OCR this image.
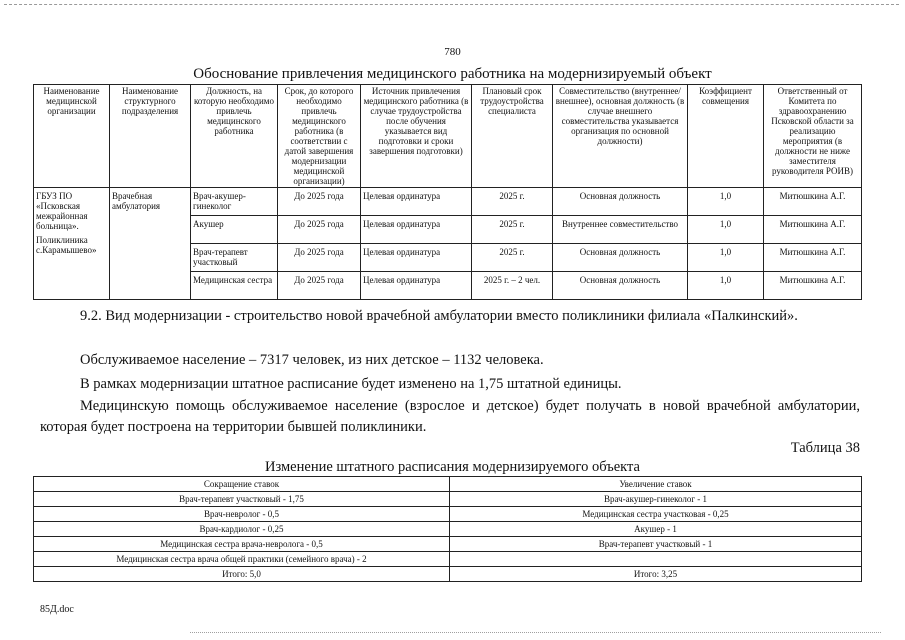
780
Обоснование привлечения медицинского работника на модернизируемый объект
Наименование медицинской организации	Наименование структурного подразделения	Должность, на которую необходимо привлечь медицинского работника	Срок, до которого необходимо привлечь медицинского работника (в соответствии с датой завершения модернизации медицинской организации)	Источник привлечения медицинского работника (в случае трудоустройства после обучения указывается вид подготовки и сроки завершения подготовки)	Плановый срок трудоустройства специалиста	Совместительство (внутреннее/внешнее), основная должность (в случае внешнего совместительства указывается организация по основной должности)	Коэффициент совмещения	Ответственный от Комитета по здравоохранению Псковской области за реализацию мероприятия (в должности не ниже заместителя руководителя РОИВ)

ГБУЗ ПО «Псковская межрайонная больница».
Поликлиника с.Карамышево»	Врачебная амбулатория	Врач-акушер-гинеколог	До 2025 года	Целевая ординатура	2025 г.	Основная должность	1,0	Митюшкина А.Г.
		Акушер	До 2025 года	Целевая ординатура	2025 г.	Внутреннее совместительство	1,0	Митюшкина А.Г.
		Врач-терапевт участковый	До 2025 года	Целевая ординатура	2025 г.	Основная должность	1,0	Митюшкина А.Г.
		Медицинская сестра	До 2025 года	Целевая ординатура	2025 г. – 2 чел.	Основная должность	1,0	Митюшкина А.Г.
9.2. Вид модернизации - строительство новой врачебной амбулатории вместо поликлиники филиала «Палкинский».
Обслуживаемое население – 7317 человек, из них детское – 1132 человека.
В рамках модернизации штатное расписание будет изменено на 1,75 штатной единицы.
Медицинскую помощь обслуживаемое население (взрослое и детское) будет получать в новой врачебной амбулатории, которая будет построена на территории бывшей поликлиники.
Таблица 38
Изменение штатного расписания модернизируемого объекта
Сокращение ставок	Увеличение ставок
Врач-терапевт участковый - 1,75	Врач-акушер-гинеколог - 1
Врач-невролог - 0,5	Медицинская сестра участковая - 0,25
Врач-кардиолог - 0,25	Акушер - 1
Медицинская сестра врача-невролога - 0,5	Врач-терапевт участковый - 1
Медицинская сестра врача общей практики (семейного врача) - 2	
Итого: 5,0	Итого: 3,25
85Д.doc
